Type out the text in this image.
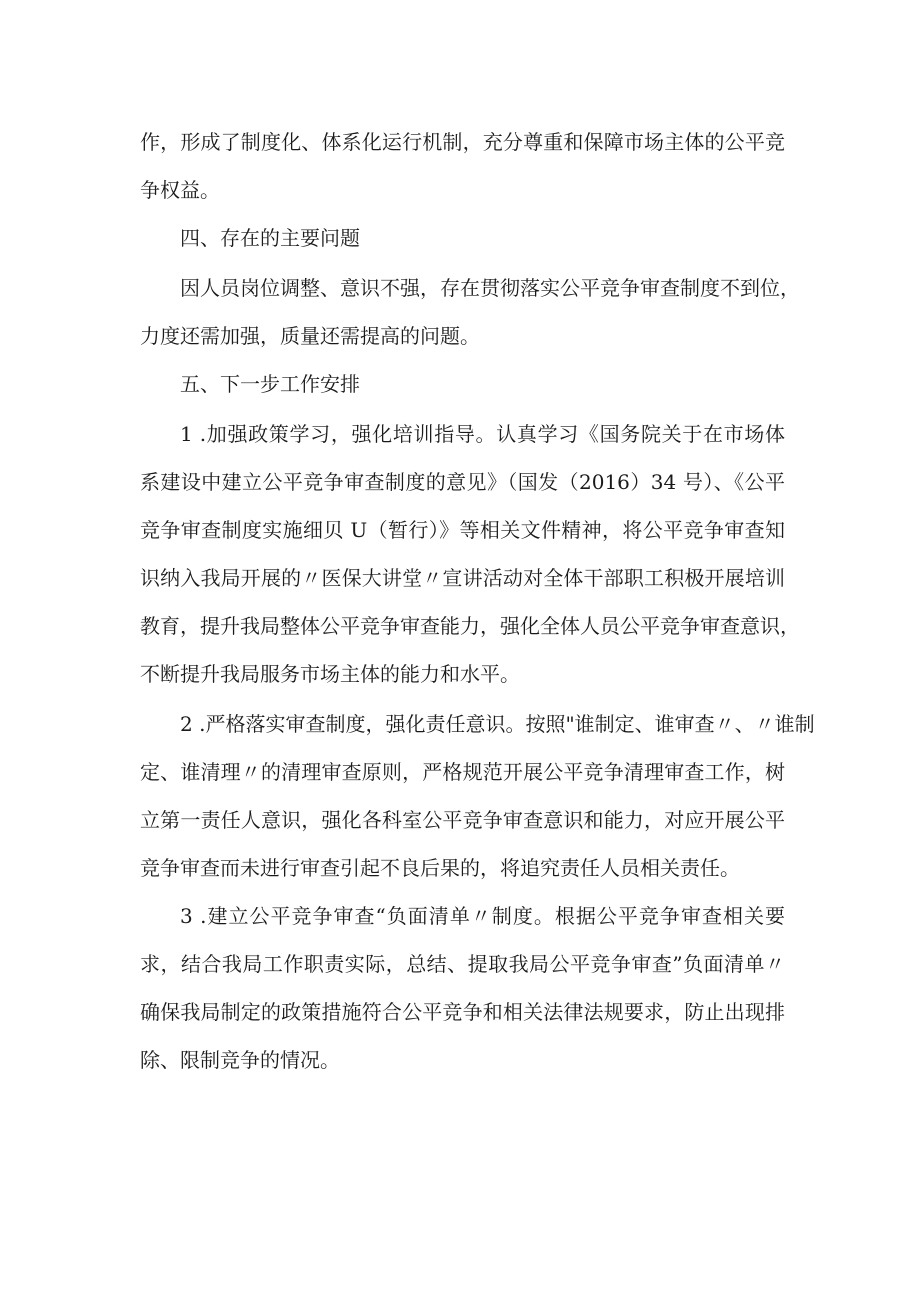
作，形成了制度化、体系化运行机制，充分尊重和保障市场主体的公平竞
争权益。
四、存在的主要问题
因人员岗位调整、意识不强，存在贯彻落实公平竞争审查制度不到位，
力度还需加强，质量还需提高的问题。
五、下一步工作安排
1 .加强政策学习，强化培训指导。认真学习《国务院关于在市场体
系建设中建立公平竞争审查制度的意见》（国发（2016）34 号）、《公平
竞争审查制度实施细贝 U（暂行）》等相关文件精神，将公平竞争审查知
识纳入我局开展的〃医保大讲堂〃宣讲活动对全体干部职工积极开展培训
教育，提升我局整体公平竞争审查能力，强化全体人员公平竞争审查意识，
不断提升我局服务市场主体的能力和水平。
2 .严格落实审查制度，强化责任意识。按照"谁制定、谁审查〃、〃谁制
定、谁清理〃的清理审查原则，严格规范开展公平竞争清理审查工作，树
立第一责任人意识，强化各科室公平竞争审查意识和能力，对应开展公平
竞争审查而未进行审查引起不良后果的，将追究责任人员相关责任。
3 .建立公平竞争审查“负面清单〃制度。根据公平竞争审查相关要
求，结合我局工作职责实际，总结、提取我局公平竞争审查”负面清单〃
确保我局制定的政策措施符合公平竞争和相关法律法规要求，防止出现排
除、限制竞争的情况。
